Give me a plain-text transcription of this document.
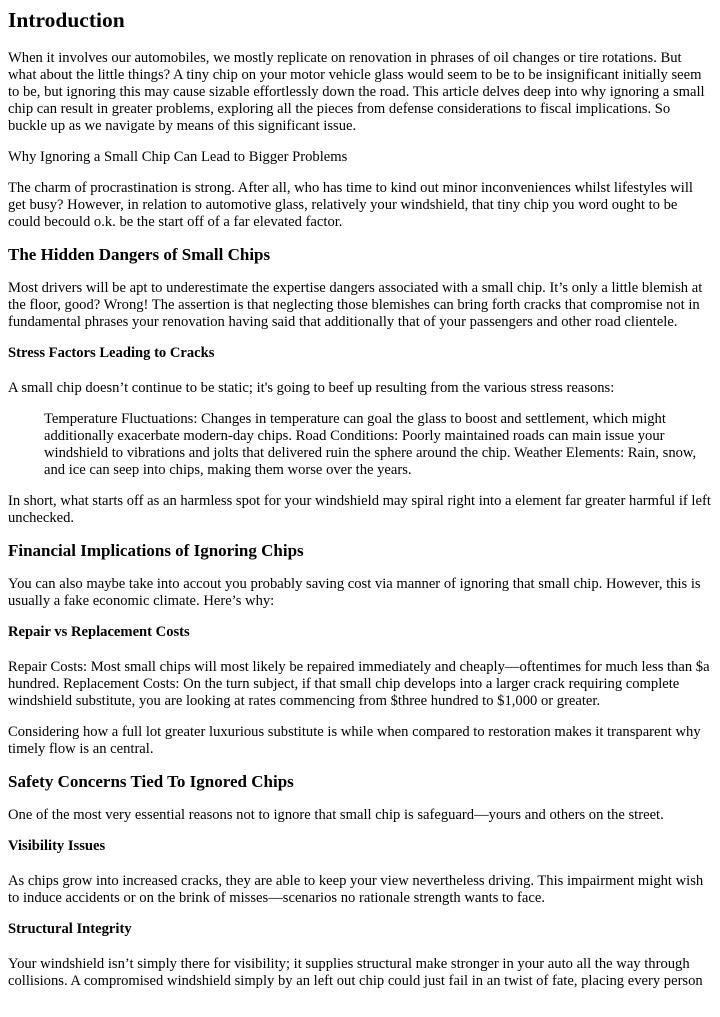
Introduction

When it involves our automobiles, we mostly replicate on renovation in phrases of oil changes or tire rotations. But what about the little things? A tiny chip on your motor vehicle glass would seem to be to be insignificant initially seem to be, but ignoring this may cause sizable effortlessly down the road. This article delves deep into why ignoring a small chip can result in greater problems, exploring all the pieces from defense considerations to fiscal implications. So buckle up as we navigate by means of this significant issue.

Why Ignoring a Small Chip Can Lead to Bigger Problems

The charm of procrastination is strong. After all, who has time to kind out minor inconveniences whilst lifestyles will get busy? However, in relation to automotive glass, relatively your windshield, that tiny chip you word ought to be could becould o.k. be the start off of a far elevated factor.

The Hidden Dangers of Small Chips

Most drivers will be apt to underestimate the expertise dangers associated with a small chip. It’s only a little blemish at the floor, good? Wrong! The assertion is that neglecting those blemishes can bring forth cracks that compromise not in fundamental phrases your renovation having said that additionally that of your passengers and other road clientele.

Stress Factors Leading to Cracks

A small chip doesn’t continue to be static; it's going to beef up resulting from the various stress reasons:

Temperature Fluctuations: Changes in temperature can goal the glass to boost and settlement, which might additionally exacerbate modern-day chips. Road Conditions: Poorly maintained roads can main issue your windshield to vibrations and jolts that delivered ruin the sphere around the chip. Weather Elements: Rain, snow, and ice can seep into chips, making them worse over the years.

In short, what starts off as an harmless spot for your windshield may spiral right into a element far greater harmful if left unchecked.

Financial Implications of Ignoring Chips

You can also maybe take into accout you probably saving cost via manner of ignoring that small chip. However, this is usually a fake economic climate. Here’s why:

Repair vs Replacement Costs

Repair Costs: Most small chips will most likely be repaired immediately and cheaply—oftentimes for much less than $a hundred. Replacement Costs: On the turn subject, if that small chip develops into a larger crack requiring complete windshield substitute, you are looking at rates commencing from $three hundred to $1,000 or greater.

Considering how a full lot greater luxurious substitute is while when compared to restoration makes it transparent why timely flow is an central.

Safety Concerns Tied To Ignored Chips

One of the most very essential reasons not to ignore that small chip is safeguard—yours and others on the street.

Visibility Issues

As chips grow into increased cracks, they are able to keep your view nevertheless driving. This impairment might wish to induce accidents or on the brink of misses—scenarios no rationale strength wants to face.

Structural Integrity

Your windshield isn’t simply there for visibility; it supplies structural make stronger in your auto all the way through collisions. A compromised windshield simply by an left out chip could just fail in an twist of fate, placing every person
